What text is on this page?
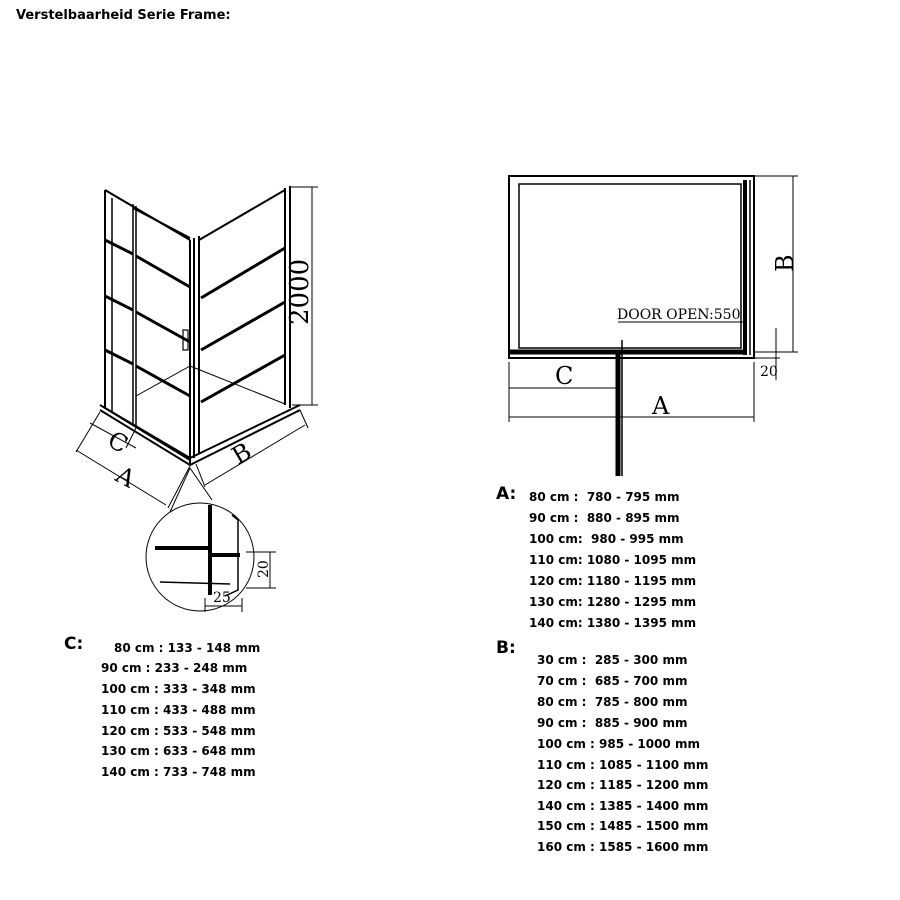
Verstelbaarheid Serie Frame:
2000
C
A
B
20
25
DOOR OPEN:550
C
A
B
20
A: 80 cm :  780 - 795 mm
90 cm :  880 - 895 mm
100 cm:  980 - 995 mm
110 cm: 1080 - 1095 mm
120 cm: 1180 - 1195 mm
130 cm: 1280 - 1295 mm
140 cm: 1380 - 1395 mm
B:
30 cm :  285 - 300 mm
70 cm :  685 - 700 mm
80 cm :  785 - 800 mm
90 cm :  885 - 900 mm
100 cm : 985 - 1000 mm
110 cm : 1085 - 1100 mm
120 cm : 1185 - 1200 mm
140 cm : 1385 - 1400 mm
150 cm : 1485 - 1500 mm
160 cm : 1585 - 1600 mm
C:	80 cm : 133 - 148 mm
90 cm : 233 - 248 mm
100 cm : 333 - 348 mm
110 cm : 433 - 488 mm
120 cm : 533 - 548 mm
130 cm : 633 - 648 mm
140 cm : 733 - 748 mm
